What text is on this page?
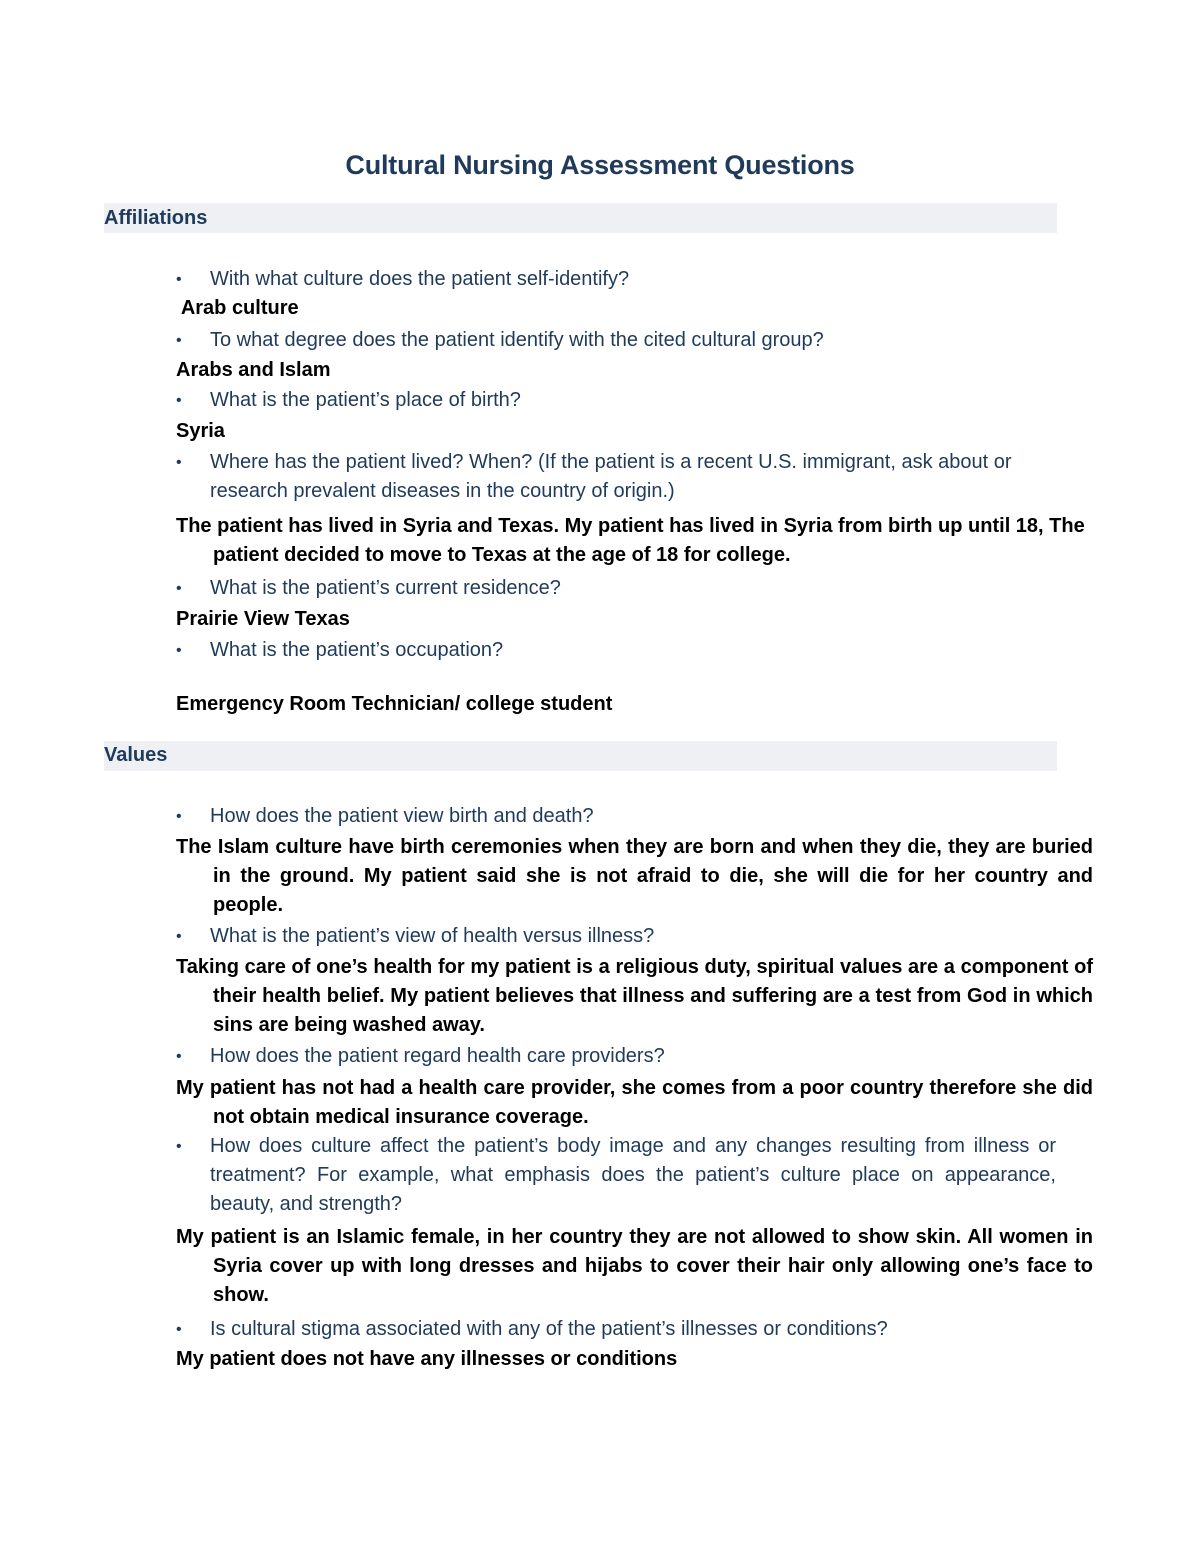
Cultural Nursing Assessment Questions
Affiliations
• With what culture does the patient self-identify?
Arab culture
• To what degree does the patient identify with the cited cultural group?
Arabs and Islam
• What is the patient’s place of birth?
Syria
• Where has the patient lived? When? (If the patient is a recent U.S. immigrant, ask about or research prevalent diseases in the country of origin.)
The patient has lived in Syria and Texas. My patient has lived in Syria from birth up until 18, The patient decided to move to Texas at the age of 18 for college.
• What is the patient’s current residence?
Prairie View Texas
• What is the patient’s occupation?
Emergency Room Technician/ college student
Values
• How does the patient view birth and death?
The Islam culture have birth ceremonies when they are born and when they die, they are buried in the ground. My patient said she is not afraid to die, she will die for her country and people.
• What is the patient’s view of health versus illness?
Taking care of one’s health for my patient is a religious duty, spiritual values are a component of their health belief. My patient believes that illness and suffering are a test from God in which sins are being washed away.
• How does the patient regard health care providers?
My patient has not had a health care provider, she comes from a poor country therefore she did not obtain medical insurance coverage.
• How does culture affect the patient’s body image and any changes resulting from illness or treatment? For example, what emphasis does the patient’s culture place on appearance, beauty, and strength?
My patient is an Islamic female, in her country they are not allowed to show skin. All women in Syria cover up with long dresses and hijabs to cover their hair only allowing one’s face to show.
• Is cultural stigma associated with any of the patient’s illnesses or conditions?
My patient does not have any illnesses or conditions
